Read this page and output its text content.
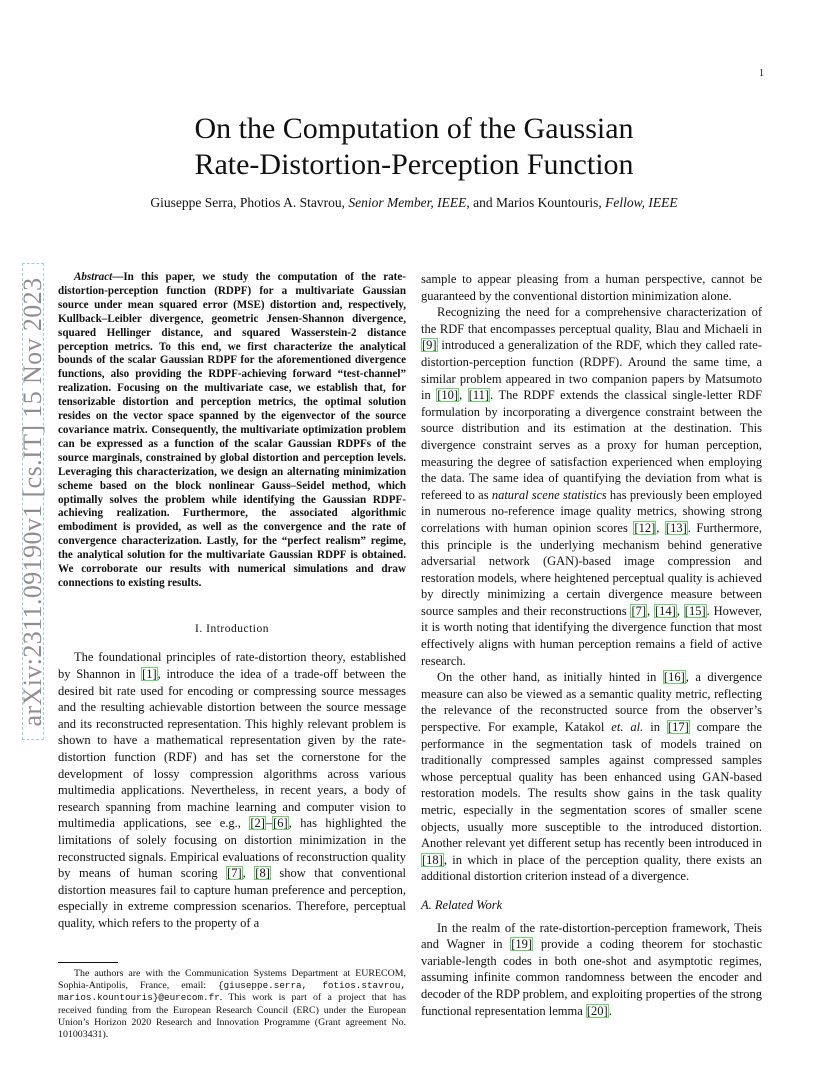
1
arXiv:2311.09190v1 [cs.IT] 15 Nov 2023
On the Computation of the Gaussian
Rate-Distortion-Perception Function
Giuseppe Serra, Photios A. Stavrou, Senior Member, IEEE, and Marios Kountouris, Fellow, IEEE

Abstract—In this paper, we study the computation of the rate-distortion-perception function (RDPF) for a multivariate Gaussian source under mean squared error (MSE) distortion and, respectively, Kullback–Leibler divergence, geometric Jensen-Shannon divergence, squared Hellinger distance, and squared Wasserstein-2 distance perception metrics. To this end, we first characterize the analytical bounds of the scalar Gaussian RDPF for the aforementioned divergence functions, also providing the RDPF-achieving forward “test-channel” realization. Focusing on the multivariate case, we establish that, for tensorizable distortion and perception metrics, the optimal solution resides on the vector space spanned by the eigenvector of the source covariance matrix. Consequently, the multivariate optimization problem can be expressed as a function of the scalar Gaussian RDPFs of the source marginals, constrained by global distortion and perception levels. Leveraging this characterization, we design an alternating minimization scheme based on the block nonlinear Gauss–Seidel method, which optimally solves the problem while identifying the Gaussian RDPF-achieving realization. Furthermore, the associated algorithmic embodiment is provided, as well as the convergence and the rate of convergence characterization. Lastly, for the “perfect realism” regime, the analytical solution for the multivariate Gaussian RDPF is obtained. We corroborate our results with numerical simulations and draw connections to existing results.

I. Introduction

The foundational principles of rate-distortion theory, established by Shannon in [1], introduce the idea of a trade-off between the desired bit rate used for encoding or compressing source messages and the resulting achievable distortion between the source message and its reconstructed representation. This highly relevant problem is shown to have a mathematical representation given by the rate-distortion function (RDF) and has set the cornerstone for the development of lossy compression algorithms across various multimedia applications. Nevertheless, in recent years, a body of research spanning from machine learning and computer vision to multimedia applications, see e.g., [2]–[6], has highlighted the limitations of solely focusing on distortion minimization in the reconstructed signals. Empirical evaluations of reconstruction quality by means of human scoring [7], [8] show that conventional distortion measures fail to capture human preference and perception, especially in extreme compression scenarios. Therefore, perceptual quality, which refers to the property of a

The authors are with the Communication Systems Department at EURECOM, Sophia-Antipolis, France, email: {giuseppe.serra, fotios.stavrou, marios.kountouris}@eurecom.fr. This work is part of a project that has received funding from the European Research Council (ERC) under the European Union’s Horizon 2020 Research and Innovation Programme (Grant agreement No. 101003431).

sample to appear pleasing from a human perspective, cannot be guaranteed by the conventional distortion minimization alone.

Recognizing the need for a comprehensive characterization of the RDF that encompasses perceptual quality, Blau and Michaeli in [9] introduced a generalization of the RDF, which they called rate-distortion-perception function (RDPF). Around the same time, a similar problem appeared in two companion papers by Matsumoto in [10], [11]. The RDPF extends the classical single-letter RDF formulation by incorporating a divergence constraint between the source distribution and its estimation at the destination. This divergence constraint serves as a proxy for human perception, measuring the degree of satisfaction experienced when employing the data. The same idea of quantifying the deviation from what is refereed to as natural scene statistics has previously been employed in numerous no-reference image quality metrics, showing strong correlations with human opinion scores [12], [13]. Furthermore, this principle is the underlying mechanism behind generative adversarial network (GAN)-based image compression and restoration models, where heightened perceptual quality is achieved by directly minimizing a certain divergence measure between source samples and their reconstructions [7], [14], [15]. However, it is worth noting that identifying the divergence function that most effectively aligns with human perception remains a field of active research.

On the other hand, as initially hinted in [16], a divergence measure can also be viewed as a semantic quality metric, reflecting the relevance of the reconstructed source from the observer’s perspective. For example, Katakol et. al. in [17] compare the performance in the segmentation task of models trained on traditionally compressed samples against compressed samples whose perceptual quality has been enhanced using GAN-based restoration models. The results show gains in the task quality metric, especially in the segmentation scores of smaller scene objects, usually more susceptible to the introduced distortion. Another relevant yet different setup has recently been introduced in [18], in which in place of the perception quality, there exists an additional distortion criterion instead of a divergence.

A. Related Work

In the realm of the rate-distortion-perception framework, Theis and Wagner in [19] provide a coding theorem for stochastic variable-length codes in both one-shot and asymptotic regimes, assuming infinite common randomness between the encoder and decoder of the RDP problem, and exploiting properties of the strong functional representation lemma [20].
